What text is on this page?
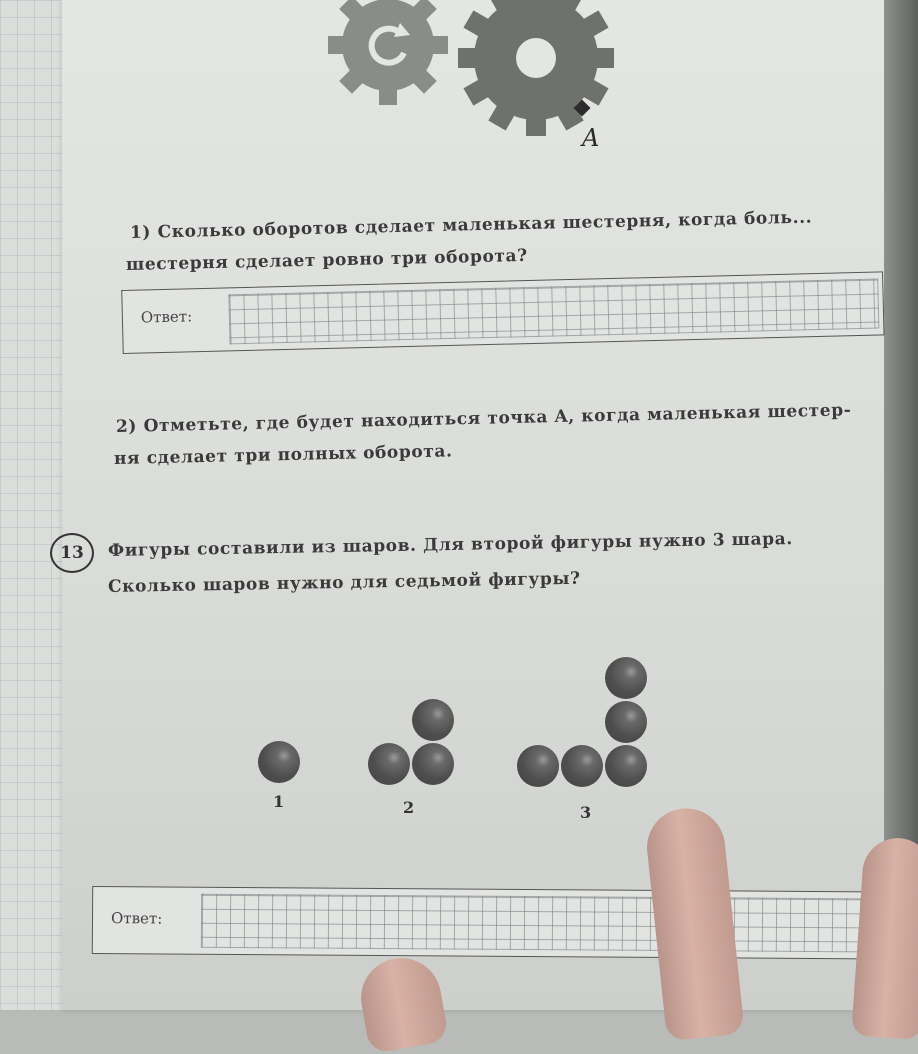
A
1) Сколько оборотов сделает маленькая шестерня, когда боль...
шестерня сделает ровно три оборота?
Ответ:
2) Отметьте, где будет находиться точка A, когда маленькая шестер-
ня сделает три полных оборота.
13	Фигуры составили из шаров. Для второй фигуры нужно 3 шара.
Сколько шаров нужно для седьмой фигуры?
1	2	3
Ответ:
